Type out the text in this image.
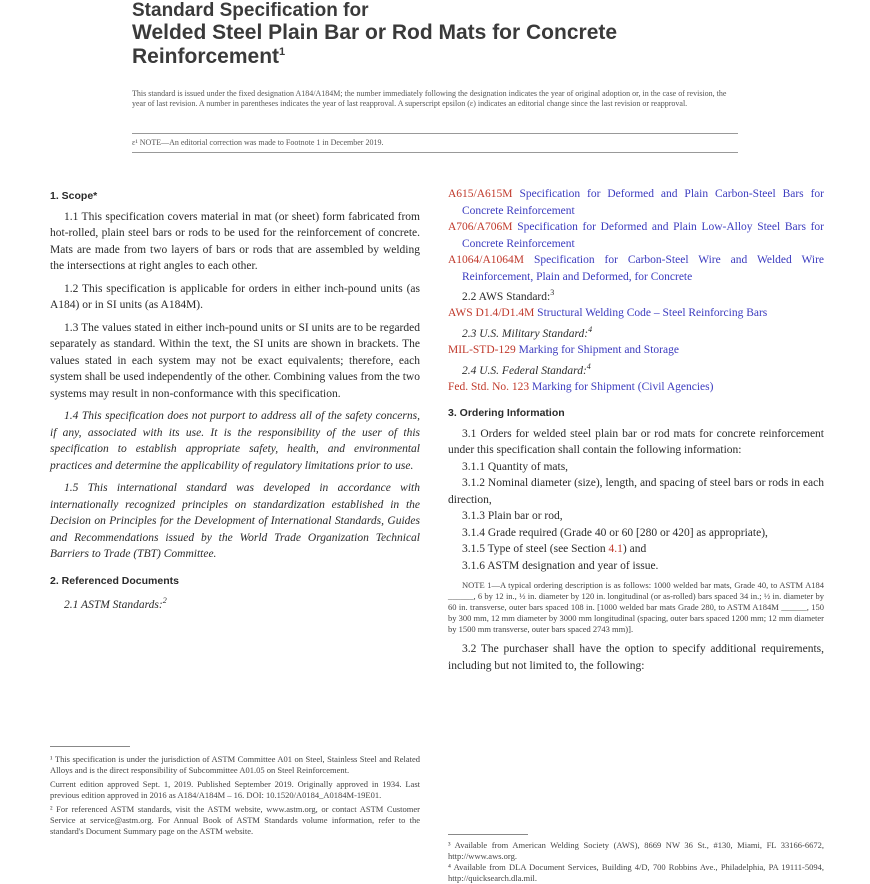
Standard Specification for
Welded Steel Plain Bar or Rod Mats for Concrete
Reinforcement$^1$
This standard is issued under the fixed designation A184/A184M; the number immediately following the designation indicates the year of original adoption or, in the case of revision, the year of last revision. A number in parentheses indicates the year of last reapproval. A superscript epsilon (ε) indicates an editorial change since the last revision or reapproval.
ε¹ NOTE—An editorial correction was made to Footnote 1 in December 2019.

1. Scope*

1.1 This specification covers material in mat (or sheet) form fabricated from hot-rolled, plain steel bars or rods to be used for the reinforcement of concrete. Mats are made from two layers of bars or rods that are assembled by welding the intersections at right angles to each other.

1.2 This specification is applicable for orders in either inch-pound units (as A184) or in SI units (as A184M).

1.3 The values stated in either inch-pound units or SI units are to be regarded separately as standard. Within the text, the SI units are shown in brackets. The values stated in each system may not be exact equivalents; therefore, each system shall be used independently of the other. Combining values from the two systems may result in non-conformance with this specification.

1.4 This specification does not purport to address all of the safety concerns, if any, associated with its use. It is the responsibility of the user of this specification to establish appropriate safety, health, and environmental practices and determine the applicability of regulatory limitations prior to use.

1.5 This international standard was developed in accordance with internationally recognized principles on standardization established in the Decision on Principles for the Development of International Standards, Guides and Recommendations issued by the World Trade Organization Technical Barriers to Trade (TBT) Committee.

2. Referenced Documents

2.1 ASTM Standards:$^2$

¹ This specification is under the jurisdiction of ASTM Committee A01 on Steel, Stainless Steel and Related Alloys and is the direct responsibility of Subcommittee A01.05 on Steel Reinforcement.

Current edition approved Sept. 1, 2019. Published September 2019. Originally approved in 1934. Last previous edition approved in 2016 as A184/A184M – 16. DOI: 10.1520/A0184_A0184M-19E01.

² For referenced ASTM standards, visit the ASTM website, www.astm.org, or contact ASTM Customer Service at service@astm.org. For Annual Book of ASTM Standards volume information, refer to the standard's Document Summary page on the ASTM website.

A615/A615M Specification for Deformed and Plain Carbon-Steel Bars for Concrete Reinforcement

A706/A706M Specification for Deformed and Plain Low-Alloy Steel Bars for Concrete Reinforcement

A1064/A1064M Specification for Carbon-Steel Wire and Welded Wire Reinforcement, Plain and Deformed, for Concrete

2.2 AWS Standard:$^3$

AWS D1.4/D1.4M Structural Welding Code – Steel Reinforcing Bars

2.3 U.S. Military Standard:$^4$

MIL-STD-129 Marking for Shipment and Storage

2.4 U.S. Federal Standard:$^4$

Fed. Std. No. 123 Marking for Shipment (Civil Agencies)

3. Ordering Information

3.1 Orders for welded steel plain bar or rod mats for concrete reinforcement under this specification shall contain the following information:

3.1.1 Quantity of mats,

3.1.2 Nominal diameter (size), length, and spacing of steel bars or rods in each direction,

3.1.3 Plain bar or rod,

3.1.4 Grade required (Grade 40 or 60 [280 or 420] as appropriate),

3.1.5 Type of steel (see Section 4.1) and

3.1.6 ASTM designation and year of issue.

NOTE 1—A typical ordering description is as follows: 1000 welded bar mats, Grade 40, to ASTM A184 ______, 6 by 12 in., ½ in. diameter by 120 in. longitudinal (or as-rolled) bars spaced 34 in.; ½ in. diameter by 60 in. transverse, outer bars spaced 108 in. [1000 welded bar mats Grade 280, to ASTM A184M ______, 150 by 300 mm, 12 mm diameter by 3000 mm longitudinal (spacing, outer bars spaced 1200 mm; 12 mm diameter by 1500 mm transverse, outer bars spaced 2743 mm)].

3.2 The purchaser shall have the option to specify additional requirements, including but not limited to, the following:

³ Available from American Welding Society (AWS), 8669 NW 36 St., #130, Miami, FL 33166-6672, http://www.aws.org.

⁴ Available from DLA Document Services, Building 4/D, 700 Robbins Ave., Philadelphia, PA 19111-5094, http://quicksearch.dla.mil.
